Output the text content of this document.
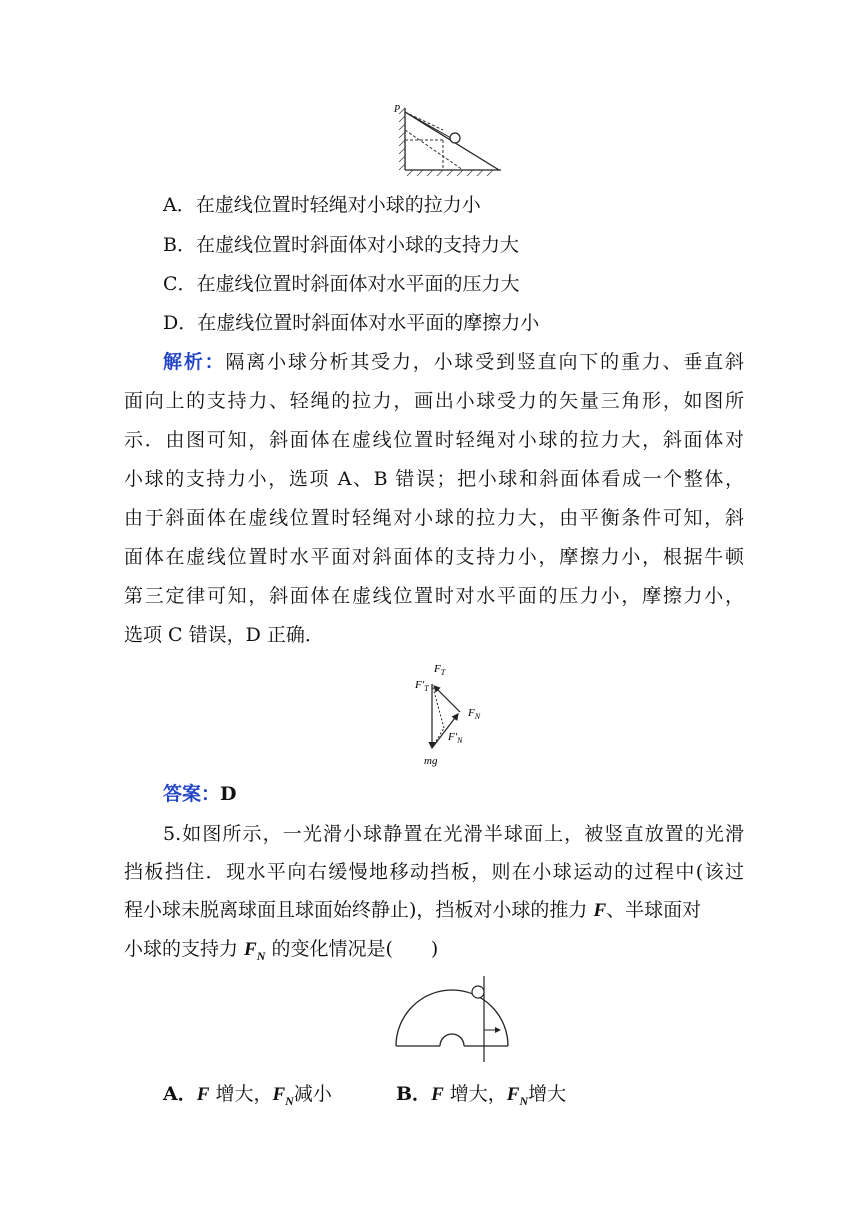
P
A．在虚线位置时轻绳对小球的拉力小
B．在虚线位置时斜面体对小球的支持力大
C．在虚线位置时斜面体对水平面的压力大
D．在虚线位置时斜面体对水平面的摩擦力小
解析：隔离小球分析其受力，小球受到竖直向下的重力、垂直斜
面向上的支持力、轻绳的拉力，画出小球受力的矢量三角形，如图所
示．由图可知，斜面体在虚线位置时轻绳对小球的拉力大，斜面体对
小球的支持力小，选项 A、B 错误；把小球和斜面体看成一个整体，
由于斜面体在虚线位置时轻绳对小球的拉力大，由平衡条件可知，斜
面体在虚线位置时水平面对斜面体的支持力小，摩擦力小，根据牛顿
第三定律可知，斜面体在虚线位置时对水平面的压力小，摩擦力小，
选项 C 错误，D 正确．
$F_T$
$F'_T$
$F_N$
$F'_N$
mg
答案：D
5.如图所示，一光滑小球静置在光滑半球面上，被竖直放置的光滑
挡板挡住．现水平向右缓慢地移动挡板，则在小球运动的过程中(该过
程小球未脱离球面且球面始终静止)，挡板对小球的推力 F、半球面对
小球的支持力 $F_N$ 的变化情况是(　　)
A．F 增大，$F_N$减小	B．F 增大，$F_N$增大
